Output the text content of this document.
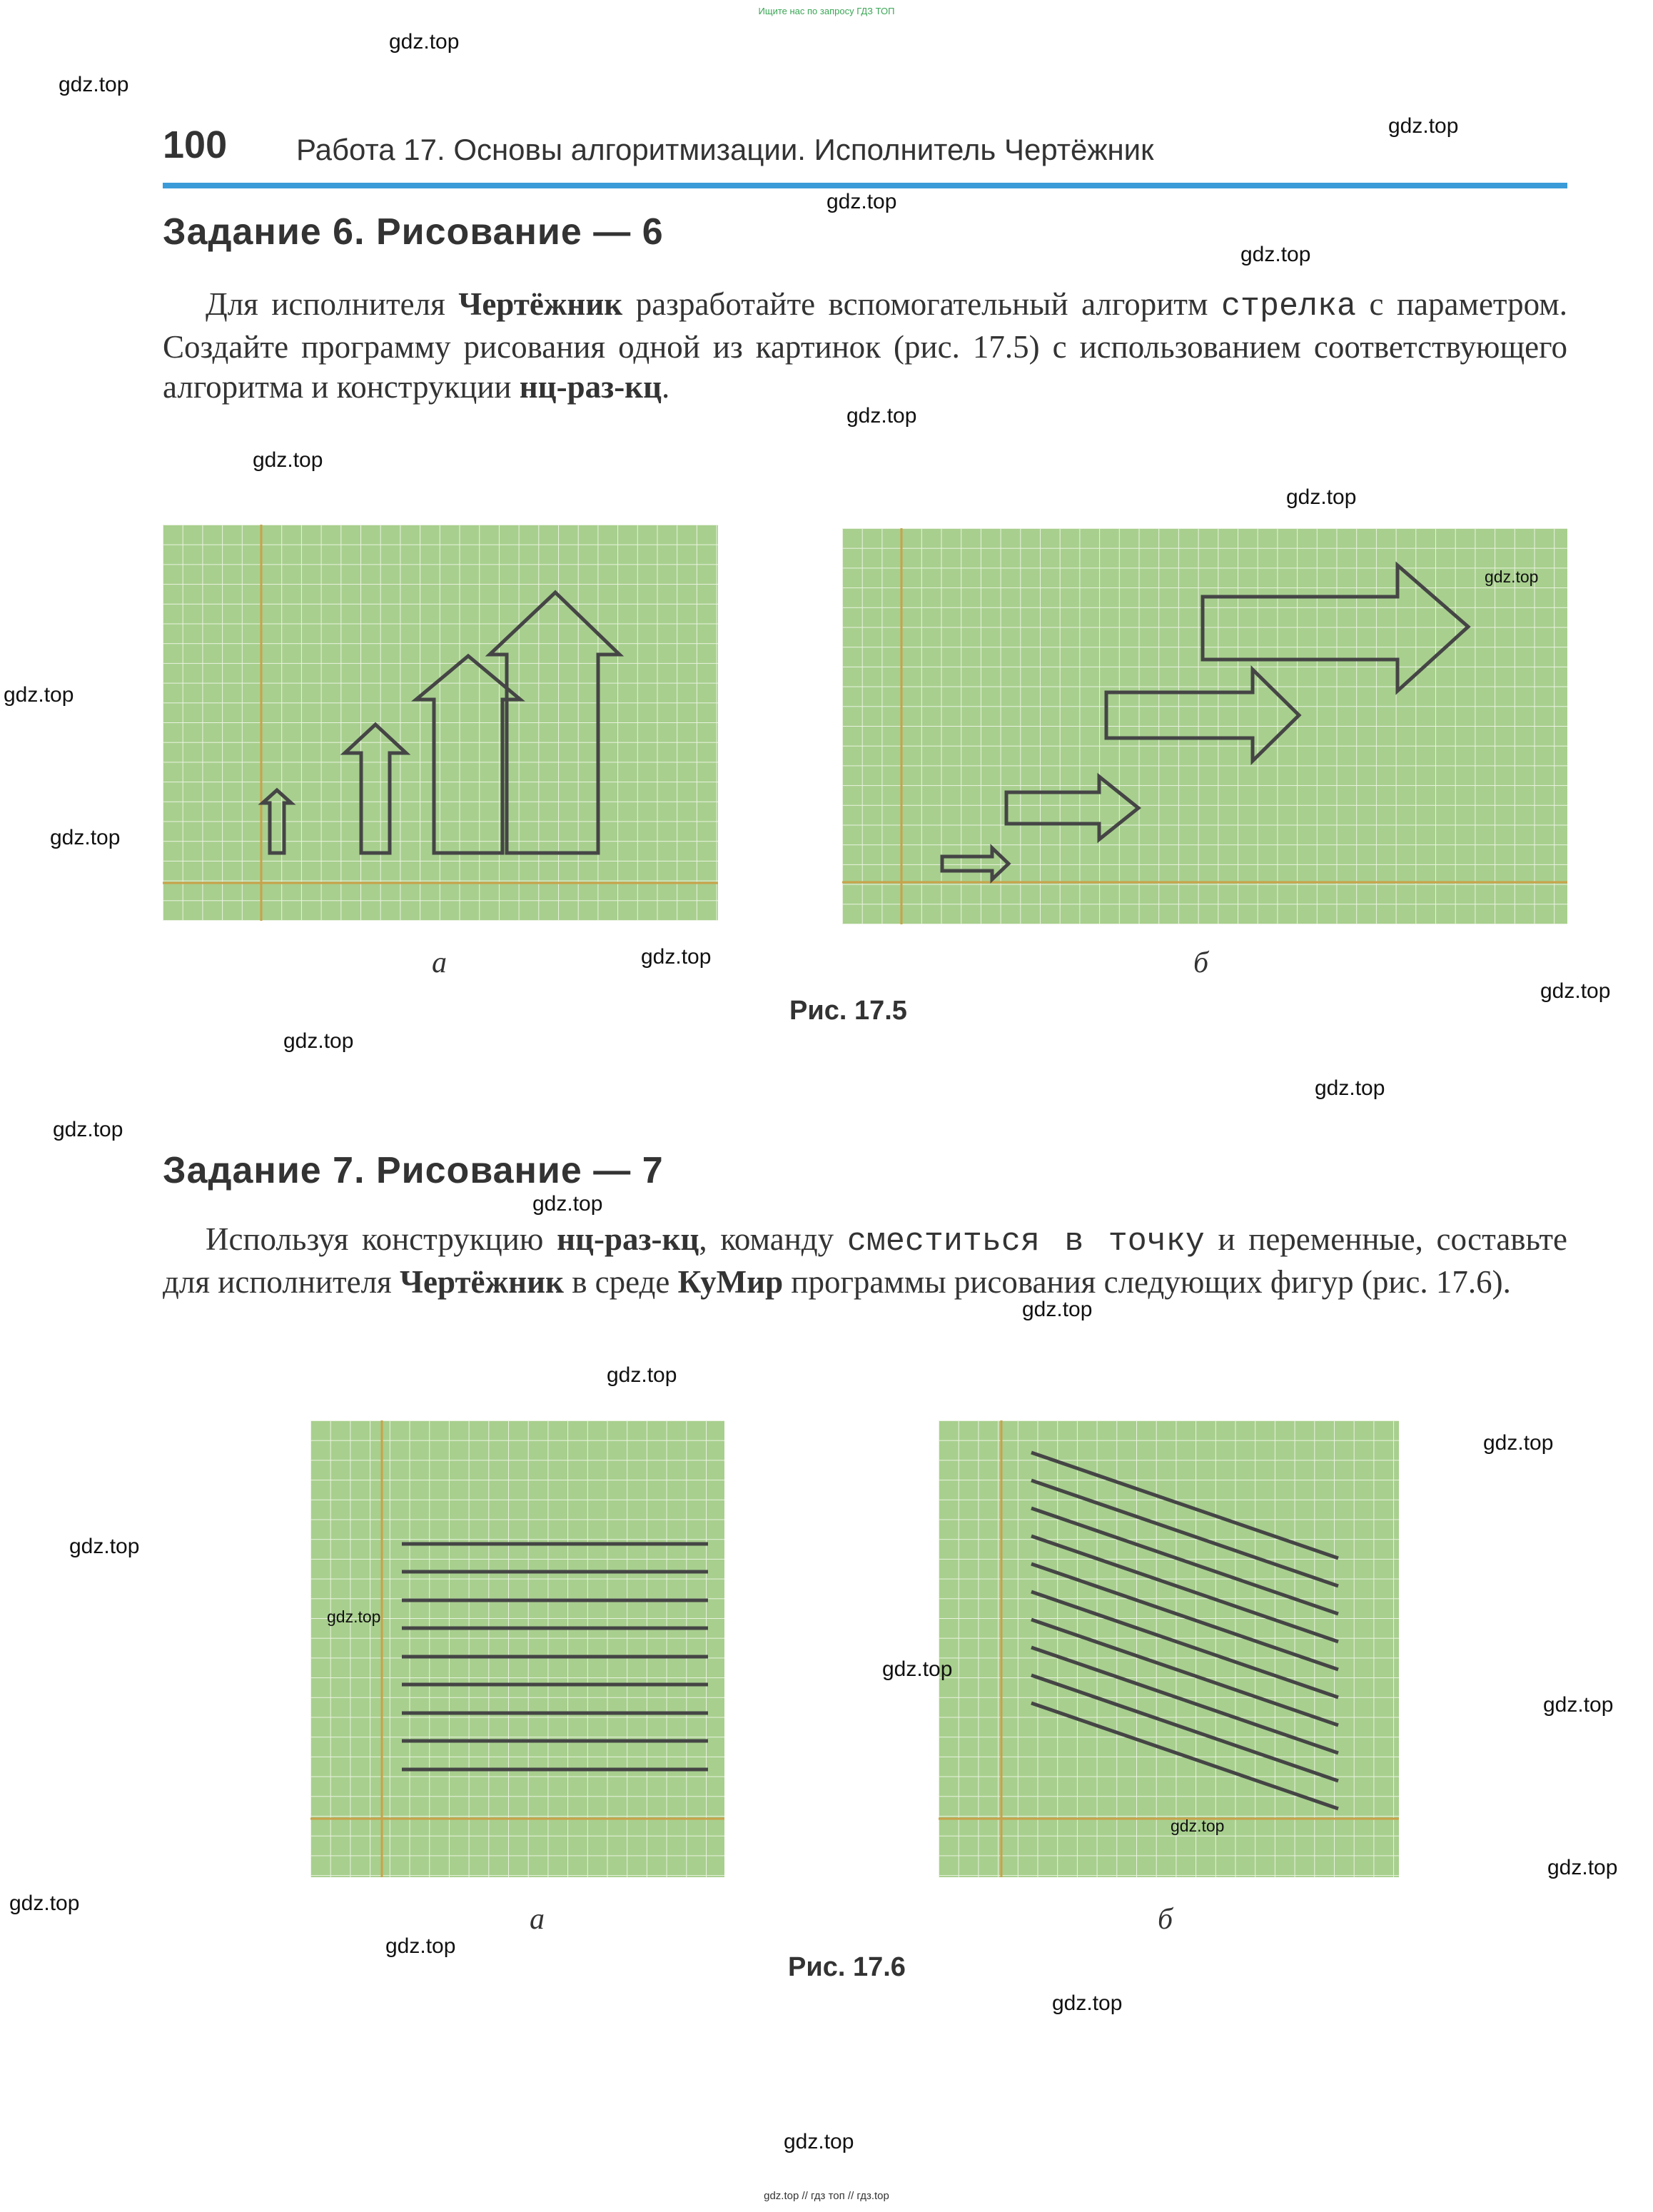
Ищите нас по запросу ГДЗ ТОП
100 Работа 17. Основы алгоритмизации. Исполнитель Чертёжник
Задание 6. Рисование — 6
Для исполнителя Чертёжник разработайте вспомогательный алгоритм стрелка с параметром. Создайте программу рисования одной из картинок (рис. 17.5) с использованием соответствующего алгоритма и конструкции нц-раз-кц.
а	б
Рис. 17.5
Задание 7. Рисование — 7
Используя конструкцию нц-раз-кц, команду сместиться в точку и переменные, составьте для исполнителя Чертёжник в среде КуМир программы рисования следующих фигур (рис. 17.6).
а	б
Рис. 17.6
gdz.top
gdz.top
gdz.top
gdz.top
gdz.top
gdz.top
gdz.top
gdz.top
gdz.top
gdz.top
gdz.top
gdz.top
gdz.top
gdz.top
gdz.top
gdz.top
gdz.top
gdz.top
gdz.top
gdz.top
gdz.top
gdz.top
gdz.top
gdz.top
gdz.top
gdz.top
gdz.top
gdz.top
gdz.top
gdz.top
gdz.top // гдз топ // гдз.top
